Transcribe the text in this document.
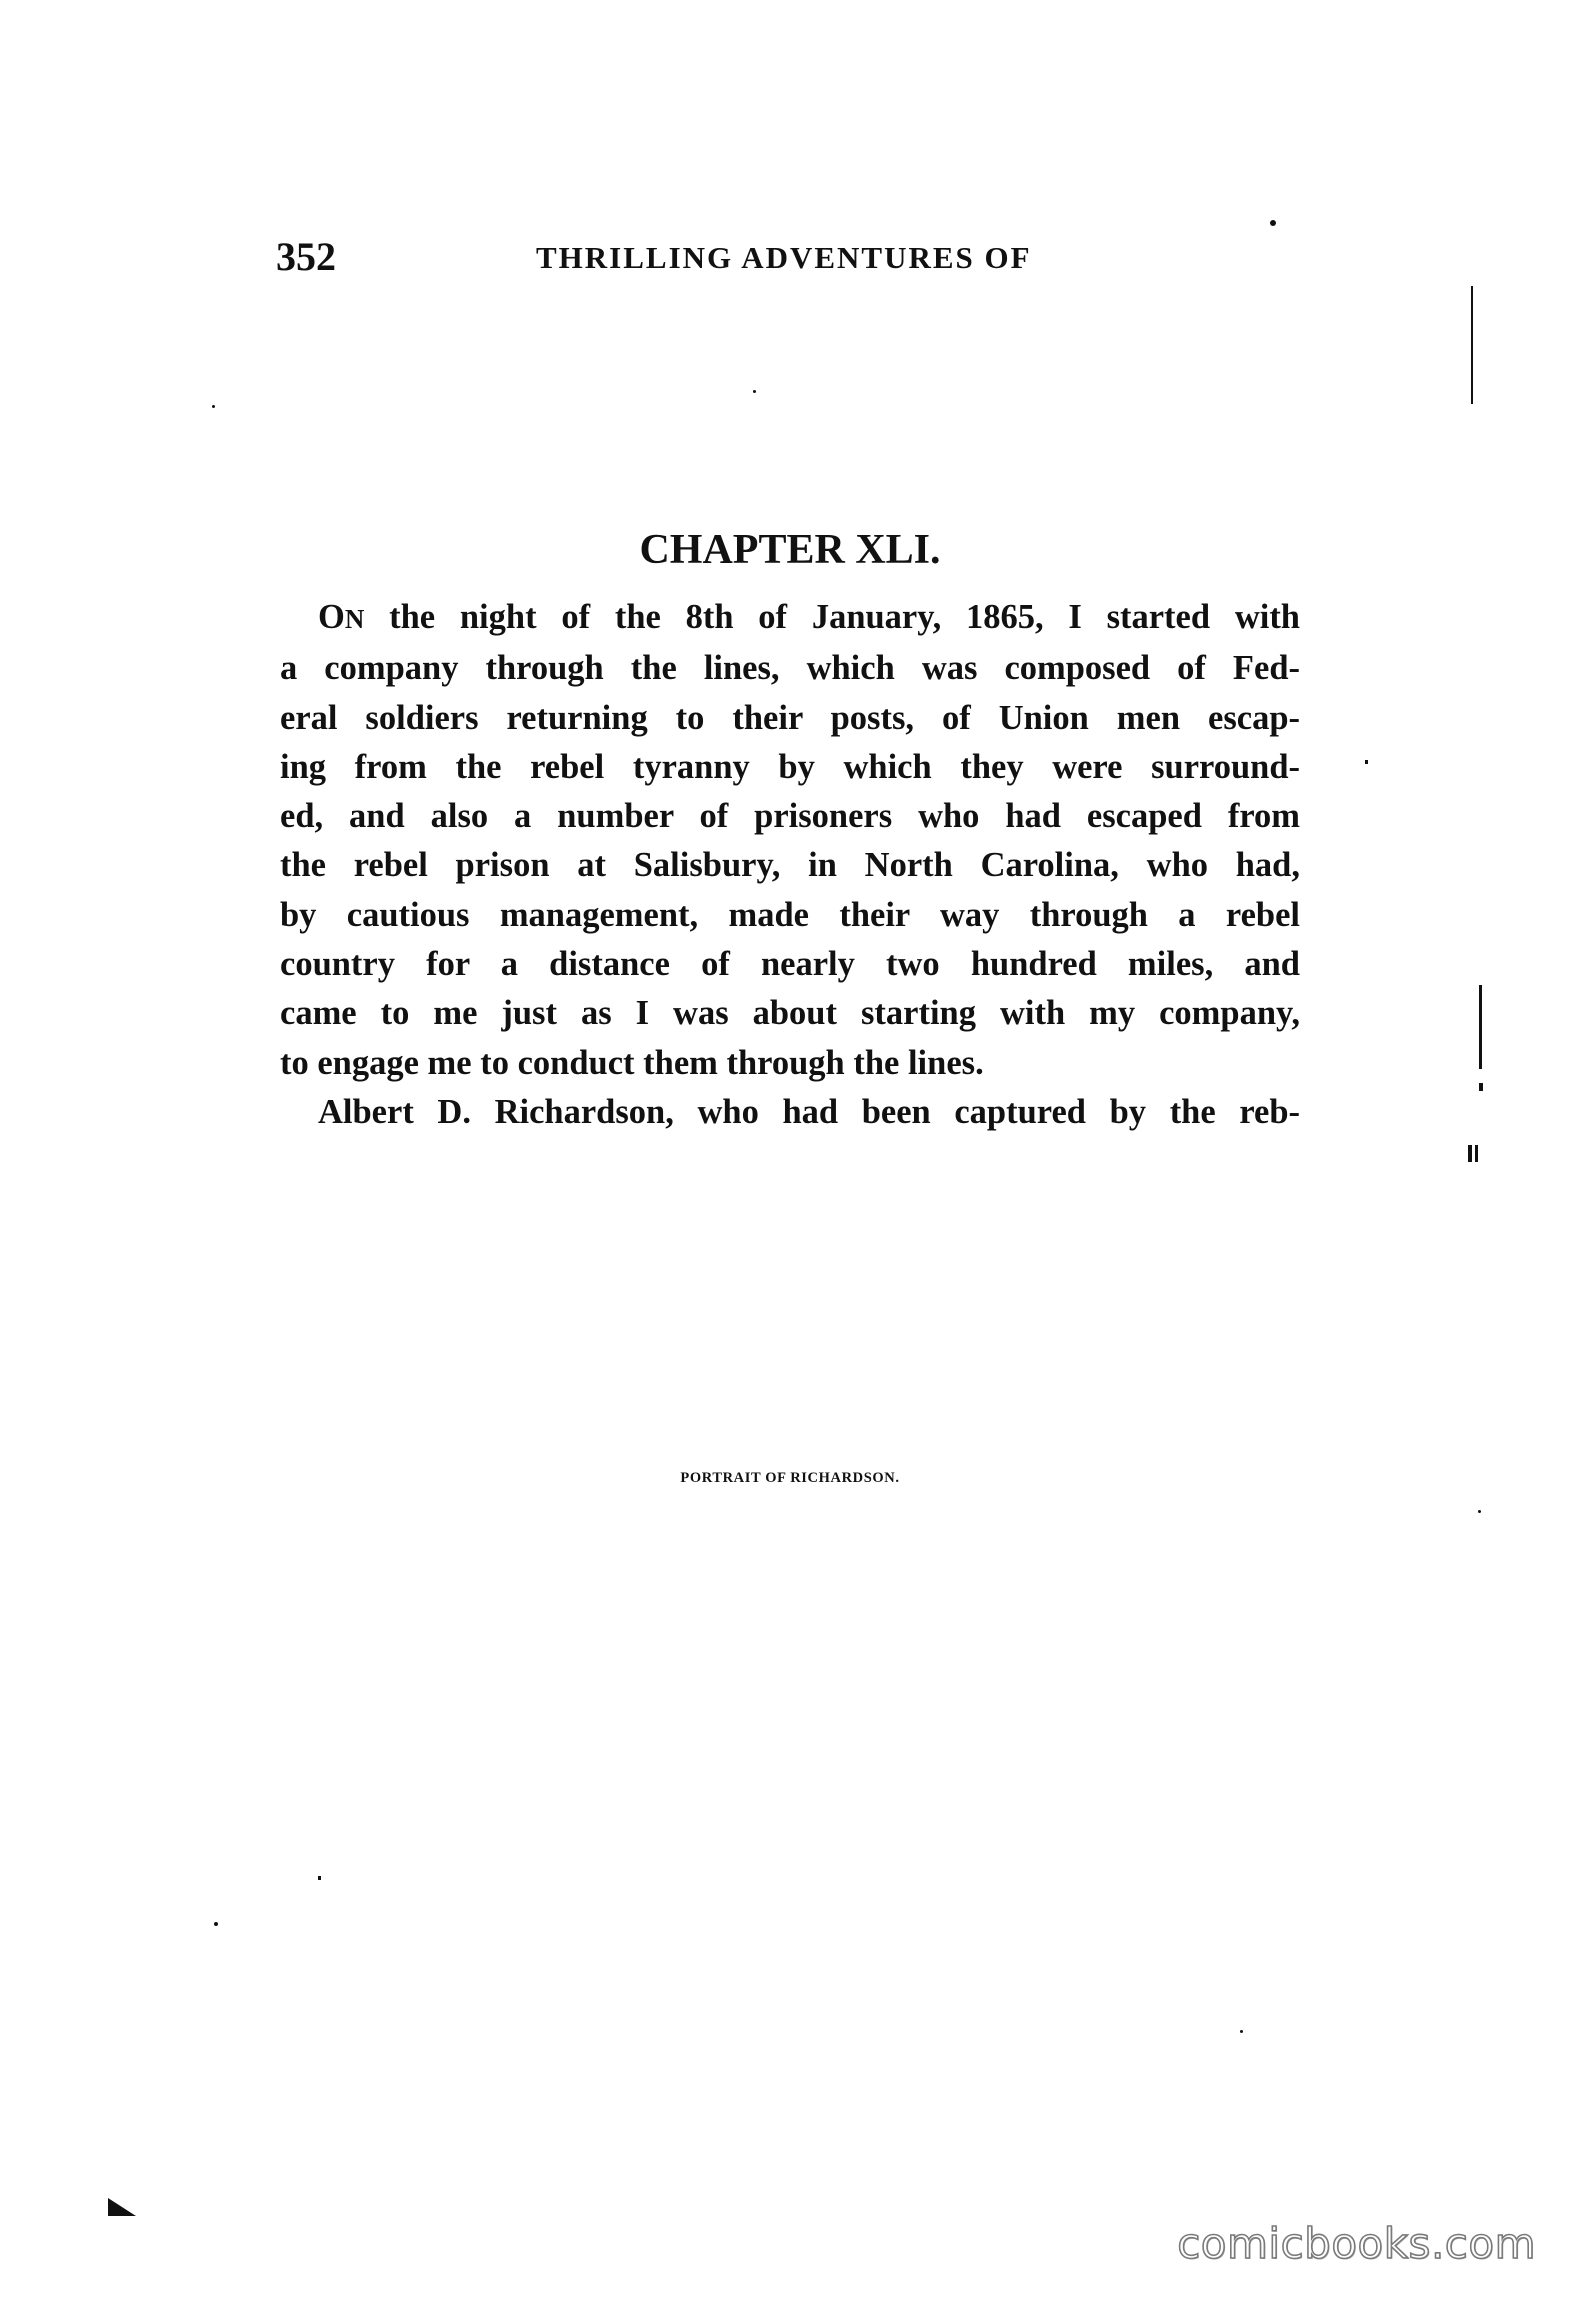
352	THRILLING ADVENTURES OF
CHAPTER XLI.

ON the night of the 8th of January, 1865, I started with
a company through the lines, which was composed of Fed-
eral soldiers returning to their posts, of Union men escap-
ing from the rebel tyranny by which they were surround-
ed, and also a number of prisoners who had escaped from
the rebel prison at Salisbury, in North Carolina, who had,
by cautious management, made their way through a rebel
country for a distance of nearly two hundred miles, and
came to me just as I was about starting with my company,
to engage me to conduct them through the lines.

Albert D. Richardson, who had been captured by the reb-

PORTRAIT OF RICHARDSON.
comicbooks.com
